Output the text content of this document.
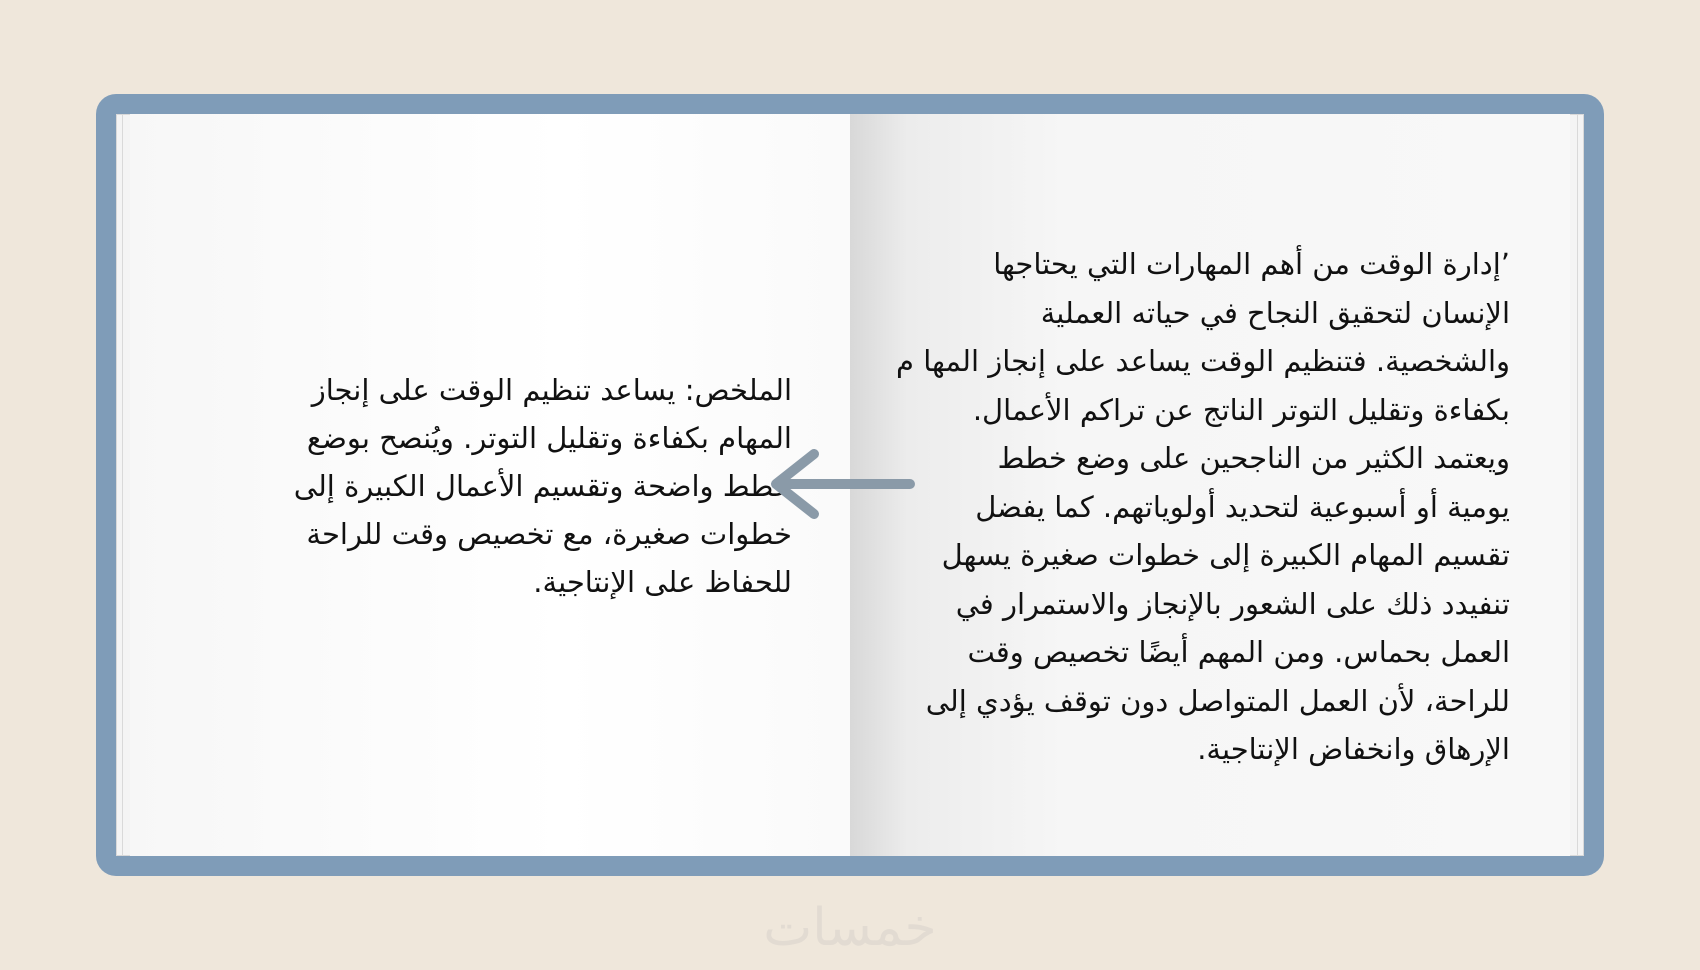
الملخص: يساعد تنظيم الوقت على إنجاز
المهام بكفاءة وتقليل التوتر. ويُنصح بوضع
خطط واضحة وتقسيم الأعمال الكبيرة إلى
خطوات صغيرة، مع تخصيص وقت للراحة
للحفاظ على الإنتاجية.
’إدارة الوقت من أهم المهارات التي يحتاجها
الإنسان لتحقيق النجاح في حياته العملية
والشخصية. فتنظيم الوقت يساعد على إنجاز المها م
بكفاءة وتقليل التوتر الناتج عن تراكم الأعمال.
ويعتمد الكثير من الناجحين على وضع خطط
يومية أو أسبوعية لتحديد أولوياتهم. كما يفضل
تقسيم المهام الكبيرة إلى خطوات صغيرة يسهل
تنفيدد ذلك على الشعور بالإنجاز والاستمرار في
العمل بحماس. ومن المهم أيضًا تخصيص وقت
للراحة، لأن العمل المتواصل دون توقف يؤدي إلى
الإرهاق وانخفاض الإنتاجية.
خمسات
